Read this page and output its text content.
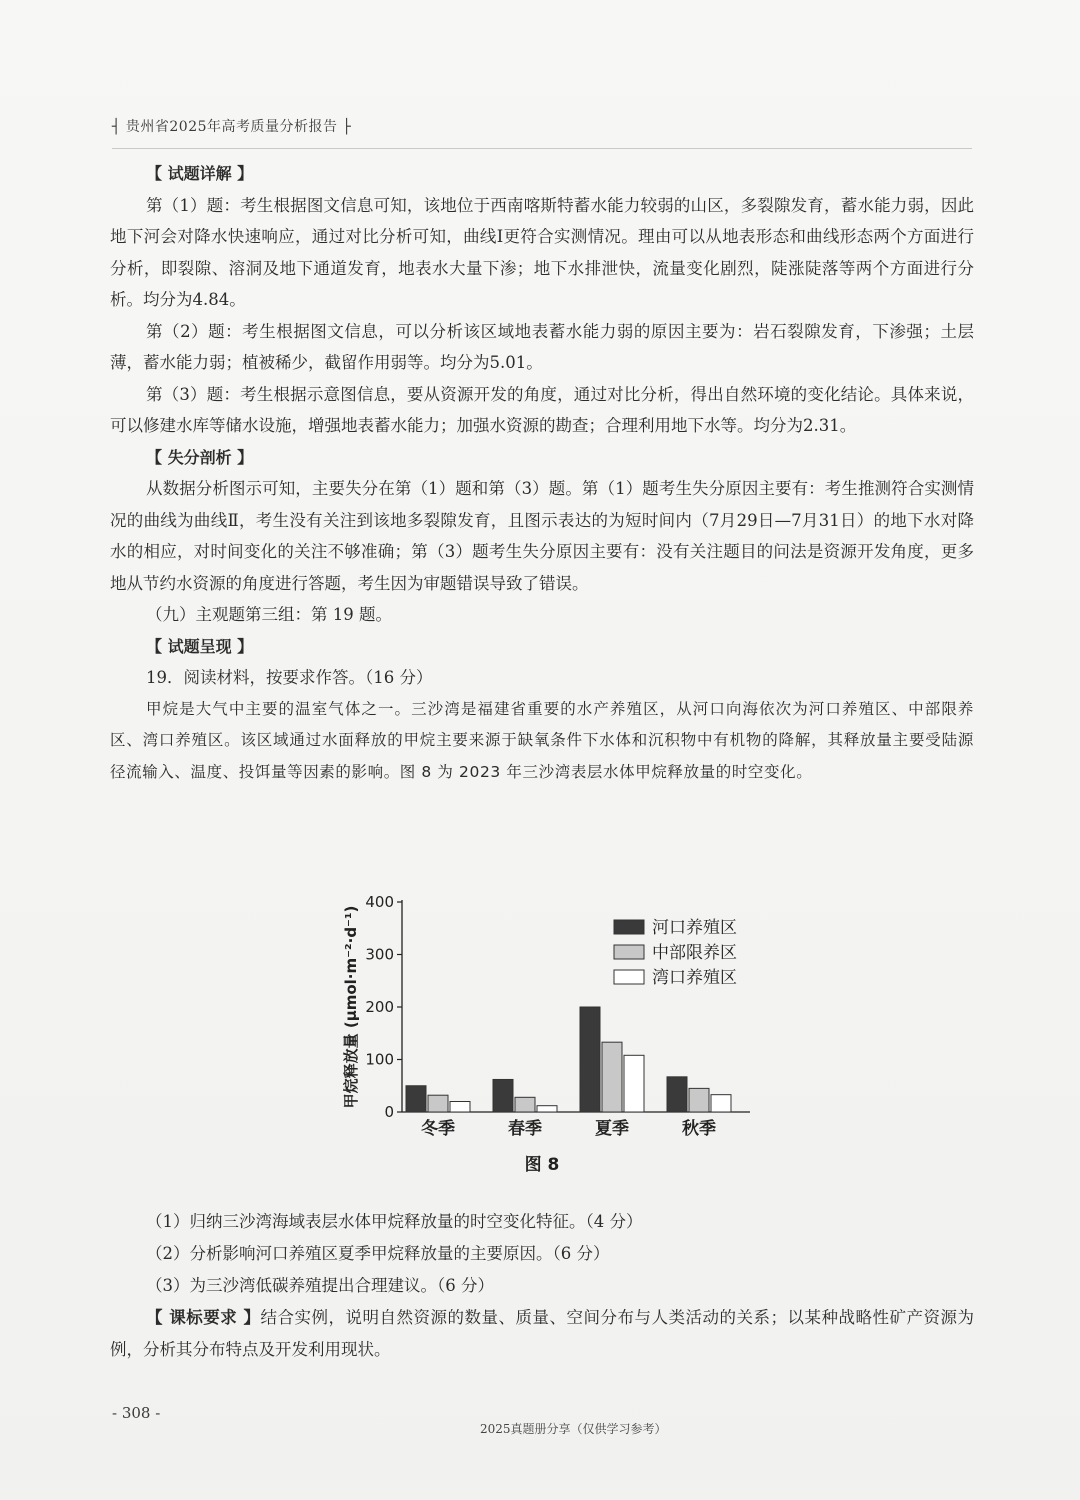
┤ 贵州省2025年高考质量分析报告 ├

【 试题详解 】

第（1）题：考生根据图文信息可知，该地位于西南喀斯特蓄水能力较弱的山区，多裂隙发育，蓄水能力弱，因此地下河会对降水快速响应，通过对比分析可知，曲线Ⅰ更符合实测情况。理由可以从地表形态和曲线形态两个方面进行分析，即裂隙、溶洞及地下通道发育，地表水大量下渗；地下水排泄快，流量变化剧烈，陡涨陡落等两个方面进行分析。均分为4.84。

第（2）题：考生根据图文信息，可以分析该区域地表蓄水能力弱的原因主要为：岩石裂隙发育，下渗强；土层薄，蓄水能力弱；植被稀少，截留作用弱等。均分为5.01。

第（3）题：考生根据示意图信息，要从资源开发的角度，通过对比分析，得出自然环境的变化结论。具体来说，可以修建水库等储水设施，增强地表蓄水能力；加强水资源的勘查；合理利用地下水等。均分为2.31。

【 失分剖析 】

从数据分析图示可知，主要失分在第（1）题和第（3）题。第（1）题考生失分原因主要有：考生推测符合实测情况的曲线为曲线Ⅱ，考生没有关注到该地多裂隙发育，且图示表达的为短时间内（7月29日—7月31日）的地下水对降水的相应，对时间变化的关注不够准确；第（3）题考生失分原因主要有：没有关注题目的问法是资源开发角度，更多地从节约水资源的角度进行答题，考生因为审题错误导致了错误。

（九）主观题第三组：第 19 题。

【 试题呈现 】

19．阅读材料，按要求作答。（16 分）

甲烷是大气中主要的温室气体之一。三沙湾是福建省重要的水产养殖区，从河口向海依次为河口养殖区、中部限养区、湾口养殖区。该区域通过水面释放的甲烷主要来源于缺氧条件下水体和沉积物中有机物的降解，其释放量主要受陆源径流输入、温度、投饵量等因素的影响。图 8 为 2023 年三沙湾表层水体甲烷释放量的时空变化。

0
100
200
300
400
甲烷释放量 (μmol·m⁻²·d⁻¹)
冬季	春季	夏季	秋季
河口养殖区
中部限养区
湾口养殖区
图 8

（1）归纳三沙湾海域表层水体甲烷释放量的时空变化特征。（4 分）

（2）分析影响河口养殖区夏季甲烷释放量的主要原因。（6 分）

（3）为三沙湾低碳养殖提出合理建议。（6 分）

【 课标要求 】结合实例，说明自然资源的数量、质量、空间分布与人类活动的关系；以某种战略性矿产资源为例，分析其分布特点及开发利用现状。

- 308 -
2025真题册分享（仅供学习参考）
